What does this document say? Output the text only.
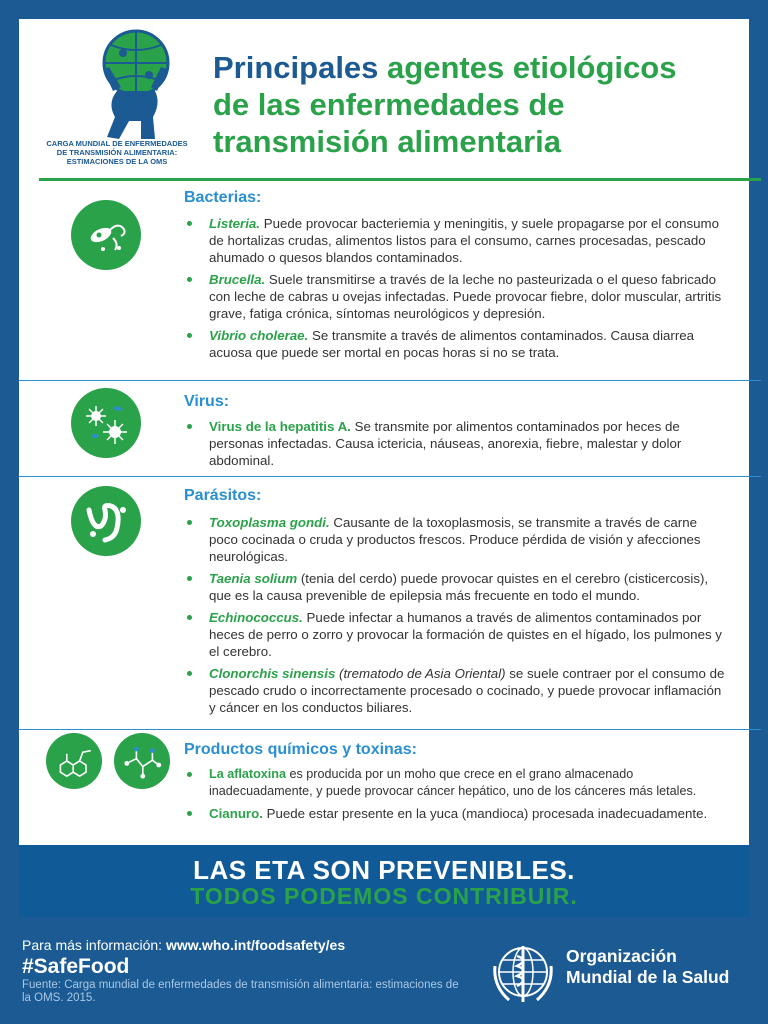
CARGA MUNDIAL DE ENFERMEDADES
DE TRANSMISIÓN ALIMENTARIA:
ESTIMACIONES DE LA OMS
Principales agentes etiológicos
de las enfermedades de
transmisión alimentaria
Bacterias:
Listeria. Puede provocar bacteriemia y meningitis, y suele propagarse por el consumo de hortalizas crudas, alimentos listos para el consumo, carnes procesadas, pescado ahumado o quesos blandos contaminados.
Brucella. Suele transmitirse a través de la leche no pasteurizada o el queso fabricado con leche de cabras u ovejas infectadas. Puede provocar fiebre, dolor muscular, artritis grave, fatiga crónica, síntomas neurológicos y depresión.
Vibrio cholerae. Se transmite a través de alimentos contaminados. Causa diarrea acuosa que puede ser mortal en pocas horas si no se trata.
Virus:
Virus de la hepatitis A. Se transmite por alimentos contaminados por heces de personas infectadas. Causa ictericia, náuseas, anorexia, fiebre, malestar y dolor abdominal.
Parásitos:
Toxoplasma gondi. Causante de la toxoplasmosis, se transmite a través de carne poco cocinada o cruda y productos frescos. Produce pérdida de visión y afecciones neurológicas.
Taenia solium (tenia del cerdo) puede provocar quistes en el cerebro (cisticercosis), que es la causa prevenible de epilepsia más frecuente en todo el mundo.
Echinococcus. Puede infectar a humanos a través de alimentos contaminados por heces de perro o zorro y provocar la formación de quistes en el hígado, los pulmones y el cerebro.
Clonorchis sinensis (trematodo de Asia Oriental) se suele contraer por el consumo de pescado crudo o incorrectamente procesado o cocinado, y puede provocar inflamación y cáncer en los conductos biliares.
Productos químicos y toxinas:
La aflatoxina es producida por un moho que crece en el grano almacenado inadecuadamente, y puede provocar cáncer hepático, uno de los cánceres más letales.
Cianuro. Puede estar presente en la yuca (mandioca) procesada inadecuadamente.
LAS ETA SON PREVENIBLES.
TODOS PODEMOS CONTRIBUIR.
Para más información: www.who.int/foodsafety/es
#SafeFood
Fuente: Carga mundial de enfermedades de transmisión alimentaria: estimaciones de la OMS. 2015.
Organización
Mundial de la Salud
